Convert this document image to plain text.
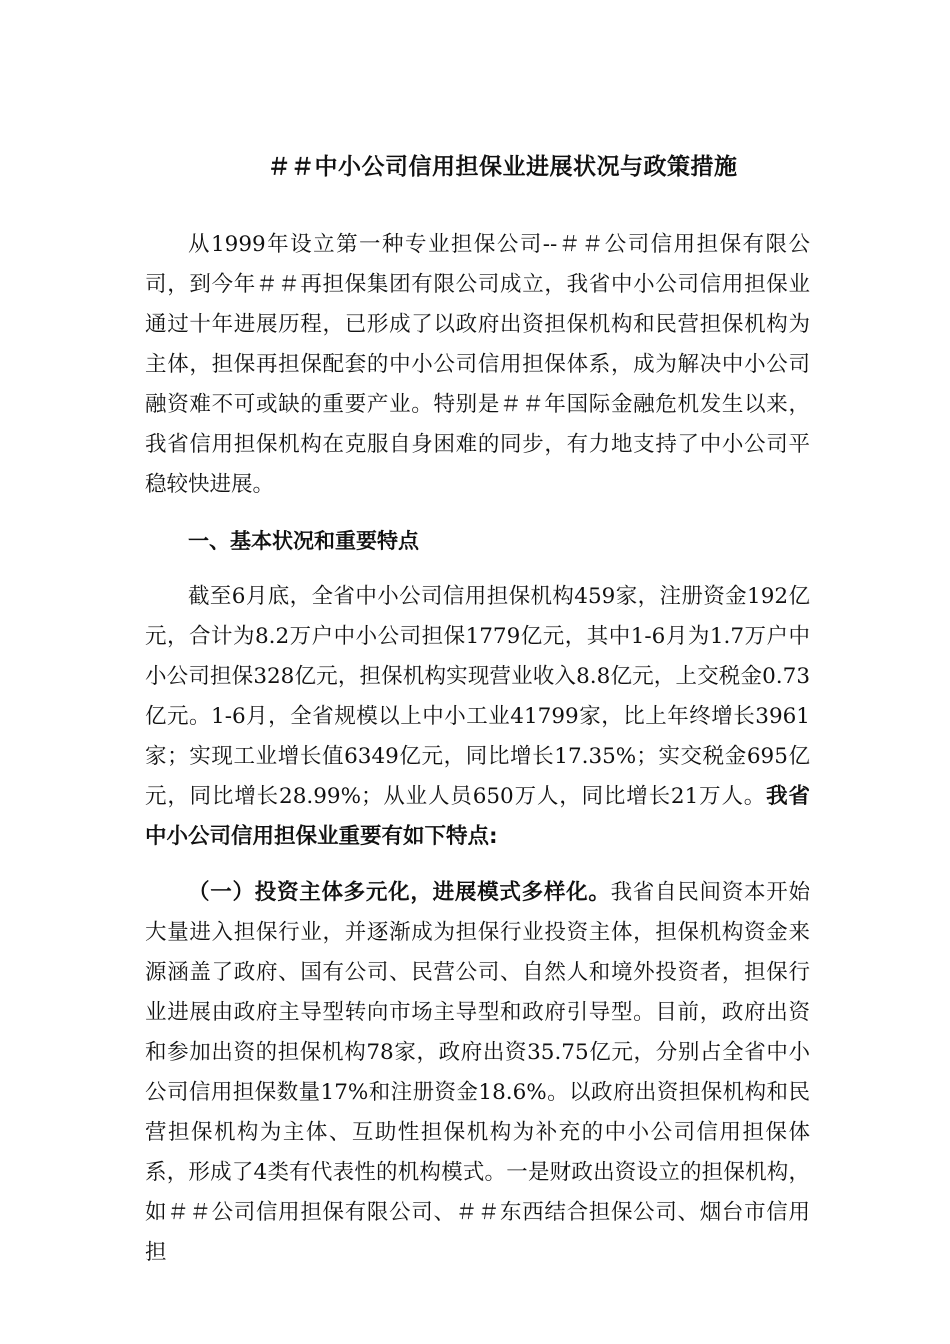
＃＃中小公司信用担保业进展状况与政策措施

从1999年设立第一种专业担保公司--＃＃公司信用担保有限公司，到今年＃＃再担保集团有限公司成立，我省中小公司信用担保业通过十年进展历程，已形成了以政府出资担保机构和民营担保机构为主体，担保再担保配套的中小公司信用担保体系，成为解决中小公司融资难不可或缺的重要产业。特别是＃＃年国际金融危机发生以来，我省信用担保机构在克服自身困难的同步，有力地支持了中小公司平稳较快进展。

一、基本状况和重要特点

截至6月底，全省中小公司信用担保机构459家，注册资金192亿元，合计为8.2万户中小公司担保1779亿元，其中1-6月为1.7万户中小公司担保328亿元，担保机构实现营业收入8.8亿元，上交税金0.73亿元。1-6月，全省规模以上中小工业41799家，比上年终增长3961家；实现工业增长值6349亿元，同比增长17.35%；实交税金695亿元，同比增长28.99%；从业人员650万人，同比增长21万人。我省中小公司信用担保业重要有如下特点:

（一）投资主体多元化，进展模式多样化。我省自民间资本开始大量进入担保行业，并逐渐成为担保行业投资主体，担保机构资金来源涵盖了政府、国有公司、民营公司、自然人和境外投资者，担保行业进展由政府主导型转向市场主导型和政府引导型。目前，政府出资和参加出资的担保机构78家，政府出资35.75亿元，分别占全省中小公司信用担保数量17%和注册资金18.6%。以政府出资担保机构和民营担保机构为主体、互助性担保机构为补充的中小公司信用担保体系，形成了4类有代表性的机构模式。一是财政出资设立的担保机构，如＃＃公司信用担保有限公司、＃＃东西结合担保公司、烟台市信用担
